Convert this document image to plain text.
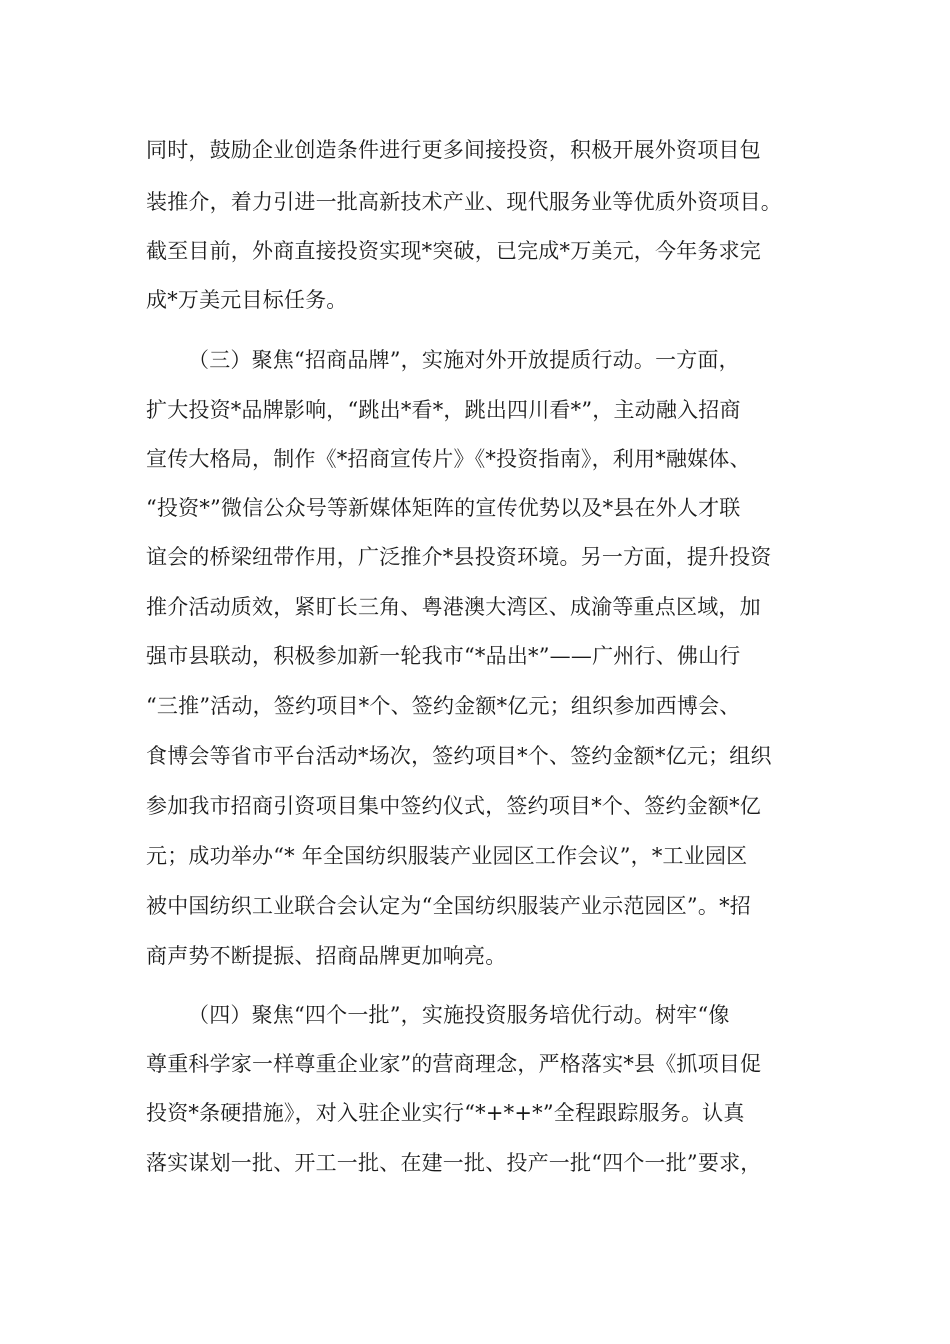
同时，鼓励企业创造条件进行更多间接投资，积极开展外资项目包
装推介，着力引进一批高新技术产业、现代服务业等优质外资项目。
截至目前，外商直接投资实现*突破，已完成*万美元，今年务求完
成*万美元目标任务。
（三）聚焦“招商品牌”，实施对外开放提质行动。一方面，
扩大投资*品牌影响，“跳出*看*，跳出四川看*”，主动融入招商
宣传大格局，制作《*招商宣传片》《*投资指南》，利用*融媒体、
“投资*”微信公众号等新媒体矩阵的宣传优势以及*县在外人才联
谊会的桥梁纽带作用，广泛推介*县投资环境。另一方面，提升投资
推介活动质效，紧盯长三角、粤港澳大湾区、成渝等重点区域，加
强市县联动，积极参加新一轮我市“*品出*”——广州行、佛山行
“三推”活动，签约项目*个、签约金额*亿元；组织参加西博会、
食博会等省市平台活动*场次，签约项目*个、签约金额*亿元；组织
参加我市招商引资项目集中签约仪式，签约项目*个、签约金额*亿
元；成功举办“* 年全国纺织服装产业园区工作会议”，*工业园区
被中国纺织工业联合会认定为“全国纺织服装产业示范园区”。*招
商声势不断提振、招商品牌更加响亮。
（四）聚焦“四个一批”，实施投资服务培优行动。树牢“像
尊重科学家一样尊重企业家”的营商理念，严格落实*县《抓项目促
投资*条硬措施》，对入驻企业实行“*+*+*”全程跟踪服务。认真
落实谋划一批、开工一批、在建一批、投产一批“四个一批”要求，
